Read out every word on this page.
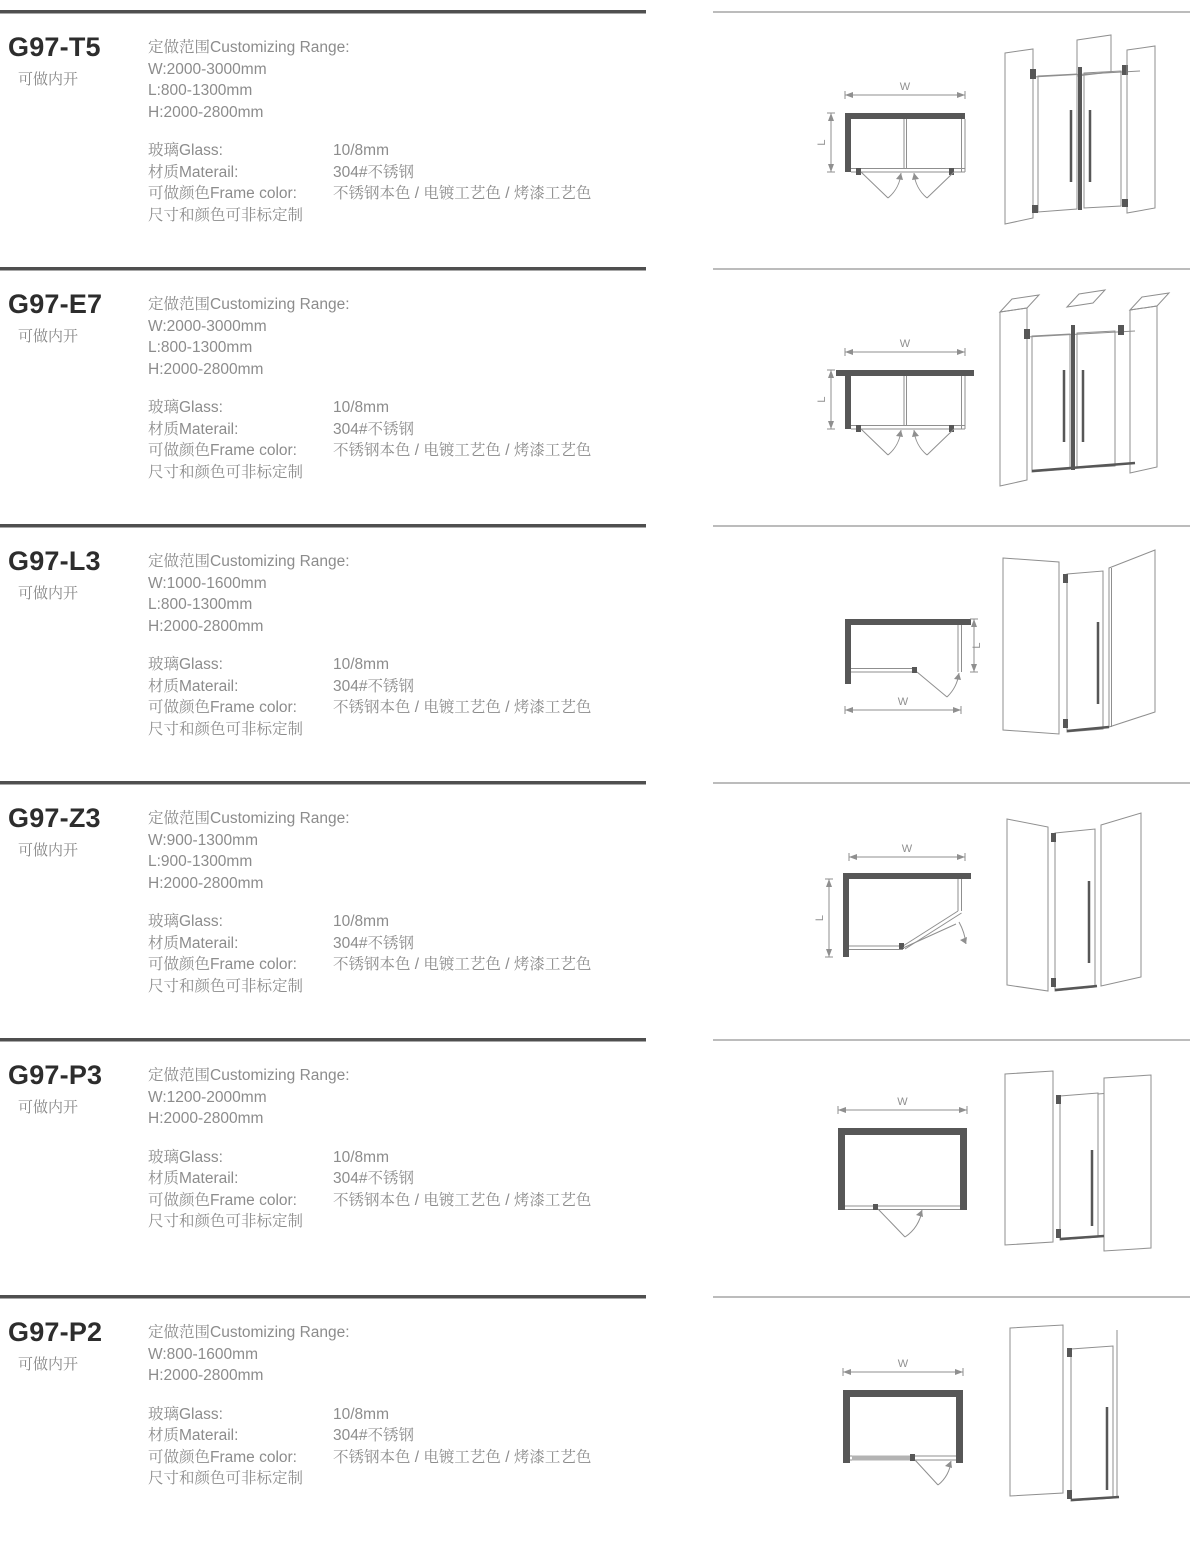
G97-T5
可做内开
定做范围Customizing Range:
W:2000-3000mm
L:800-1300mm
H:2000-2800mm
玻璃Glass:	10/8mm
材质Materail:	304#不锈钢
可做颜色Frame color: 不锈钢本色 / 电镀工艺色 / 烤漆工艺色
尺寸和颜色可非标定制
W
L
G97-E7
可做内开
定做范围Customizing Range:
W:2000-3000mm
L:800-1300mm
H:2000-2800mm
玻璃Glass:	10/8mm
材质Materail:	304#不锈钢
可做颜色Frame color: 不锈钢本色 / 电镀工艺色 / 烤漆工艺色
尺寸和颜色可非标定制
W
L
G97-L3
可做内开
定做范围Customizing Range:
W:1000-1600mm
L:800-1300mm
H:2000-2800mm
玻璃Glass:	10/8mm
材质Materail:	304#不锈钢
可做颜色Frame color: 不锈钢本色 / 电镀工艺色 / 烤漆工艺色
尺寸和颜色可非标定制
W
L
G97-Z3
可做内开
定做范围Customizing Range:
W:900-1300mm
L:900-1300mm
H:2000-2800mm
玻璃Glass:	10/8mm
材质Materail:	304#不锈钢
可做颜色Frame color: 不锈钢本色 / 电镀工艺色 / 烤漆工艺色
尺寸和颜色可非标定制
W
L
G97-P3
可做内开
定做范围Customizing Range:
W:1200-2000mm
H:2000-2800mm
玻璃Glass:	10/8mm
材质Materail:	304#不锈钢
可做颜色Frame color: 不锈钢本色 / 电镀工艺色 / 烤漆工艺色
尺寸和颜色可非标定制
W
G97-P2
可做内开
定做范围Customizing Range:
W:800-1600mm
H:2000-2800mm
玻璃Glass:	10/8mm
材质Materail:	304#不锈钢
可做颜色Frame color: 不锈钢本色 / 电镀工艺色 / 烤漆工艺色
尺寸和颜色可非标定制
W
